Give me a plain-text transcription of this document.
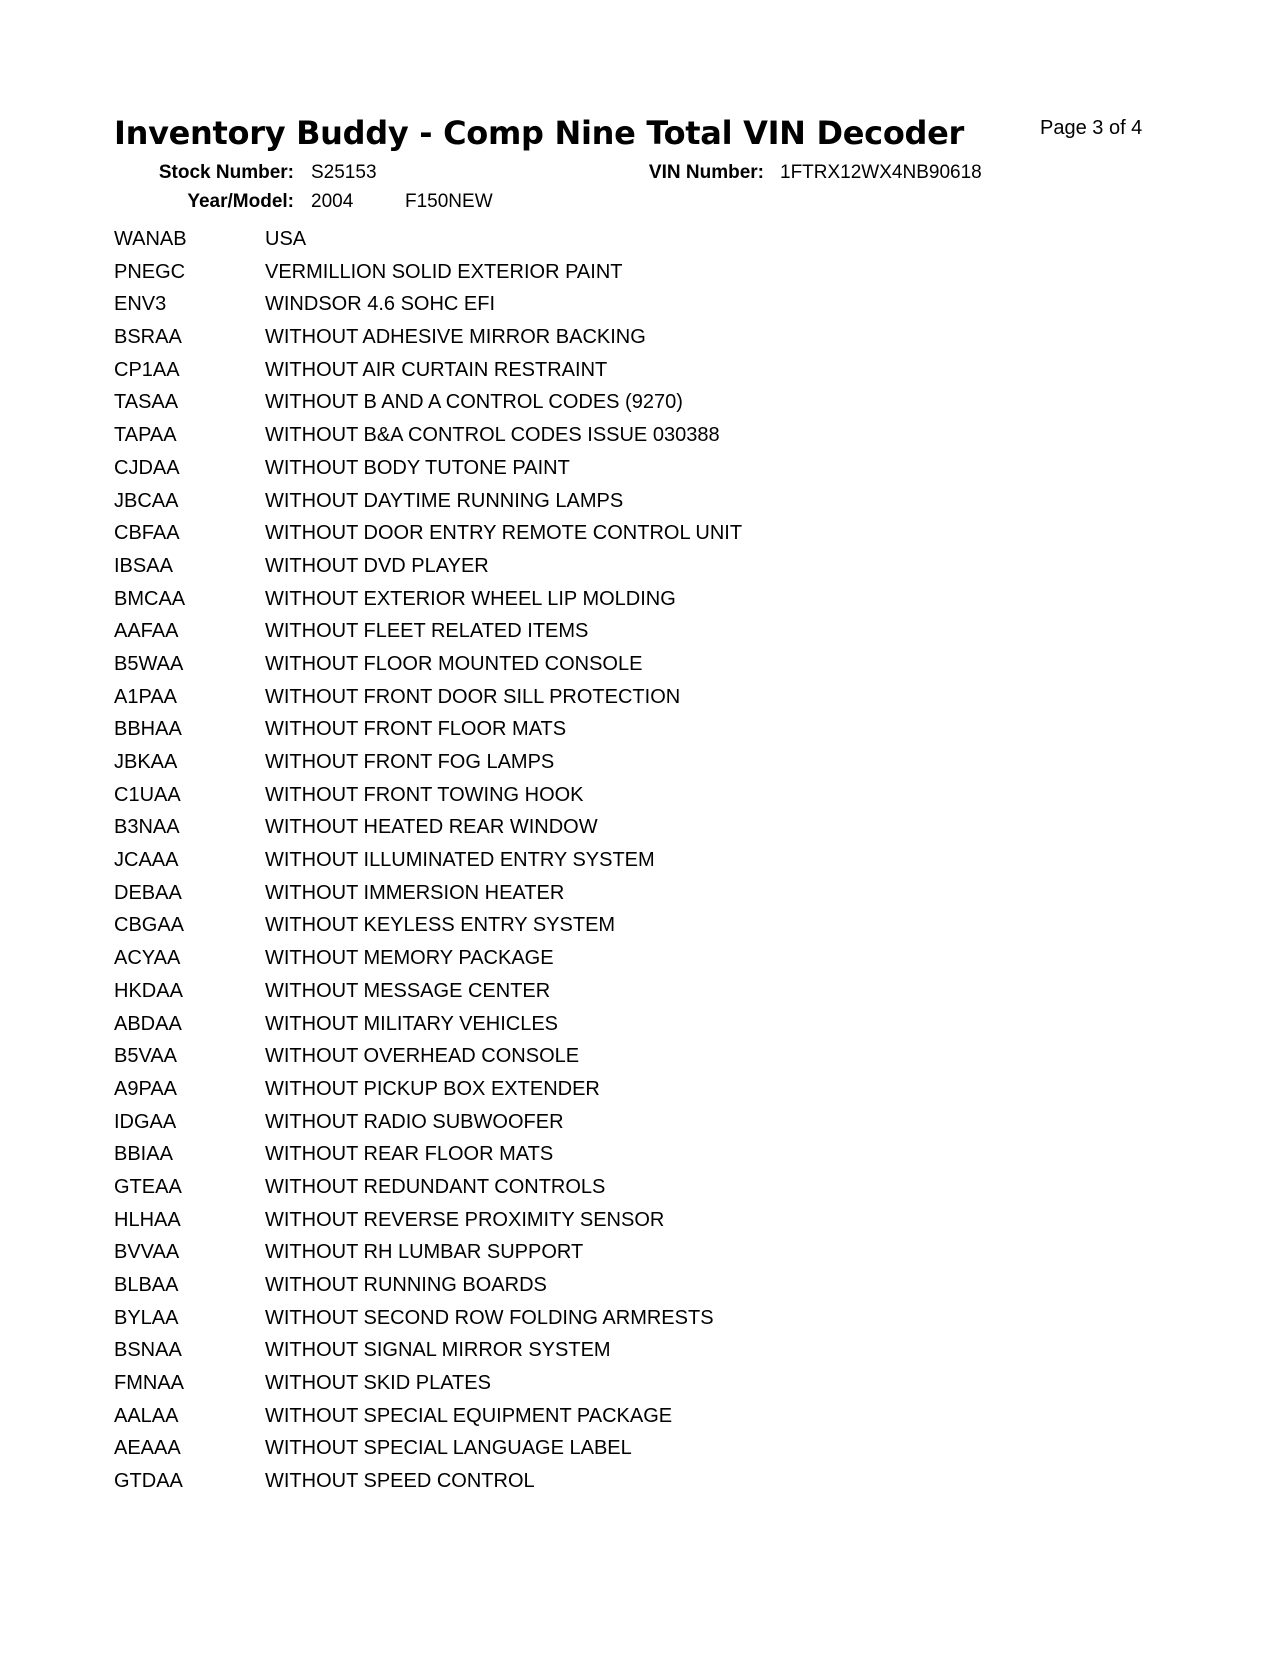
Inventory Buddy - Comp Nine Total VIN Decoder	Page 3 of 4
Stock Number: S25153	VIN Number: 1FTRX12WX4NB90618
Year/Model: 2004	F150NEW
WANAB	USA
PNEGC	VERMILLION SOLID EXTERIOR PAINT
ENV3	WINDSOR 4.6 SOHC EFI
BSRAA	WITHOUT ADHESIVE MIRROR BACKING
CP1AA	WITHOUT AIR CURTAIN RESTRAINT
TASAA	WITHOUT B AND A CONTROL CODES (9270)
TAPAA	WITHOUT B&A CONTROL CODES ISSUE 030388
CJDAA	WITHOUT BODY TUTONE PAINT
JBCAA	WITHOUT DAYTIME RUNNING LAMPS
CBFAA	WITHOUT DOOR ENTRY REMOTE CONTROL UNIT
IBSAA	WITHOUT DVD PLAYER
BMCAA	WITHOUT EXTERIOR WHEEL LIP MOLDING
AAFAA	WITHOUT FLEET RELATED ITEMS
B5WAA	WITHOUT FLOOR MOUNTED CONSOLE
A1PAA	WITHOUT FRONT DOOR SILL PROTECTION
BBHAA	WITHOUT FRONT FLOOR MATS
JBKAA	WITHOUT FRONT FOG LAMPS
C1UAA	WITHOUT FRONT TOWING HOOK
B3NAA	WITHOUT HEATED REAR WINDOW
JCAAA	WITHOUT ILLUMINATED ENTRY SYSTEM
DEBAA	WITHOUT IMMERSION HEATER
CBGAA	WITHOUT KEYLESS ENTRY SYSTEM
ACYAA	WITHOUT MEMORY PACKAGE
HKDAA	WITHOUT MESSAGE CENTER
ABDAA	WITHOUT MILITARY VEHICLES
B5VAA	WITHOUT OVERHEAD CONSOLE
A9PAA	WITHOUT PICKUP BOX EXTENDER
IDGAA	WITHOUT RADIO SUBWOOFER
BBIAA	WITHOUT REAR FLOOR MATS
GTEAA	WITHOUT REDUNDANT CONTROLS
HLHAA	WITHOUT REVERSE PROXIMITY SENSOR
BVVAA	WITHOUT RH LUMBAR SUPPORT
BLBAA	WITHOUT RUNNING BOARDS
BYLAA	WITHOUT SECOND ROW FOLDING ARMRESTS
BSNAA	WITHOUT SIGNAL MIRROR SYSTEM
FMNAA	WITHOUT SKID PLATES
AALAA	WITHOUT SPECIAL EQUIPMENT PACKAGE
AEAAA	WITHOUT SPECIAL LANGUAGE LABEL
GTDAA	WITHOUT SPEED CONTROL
